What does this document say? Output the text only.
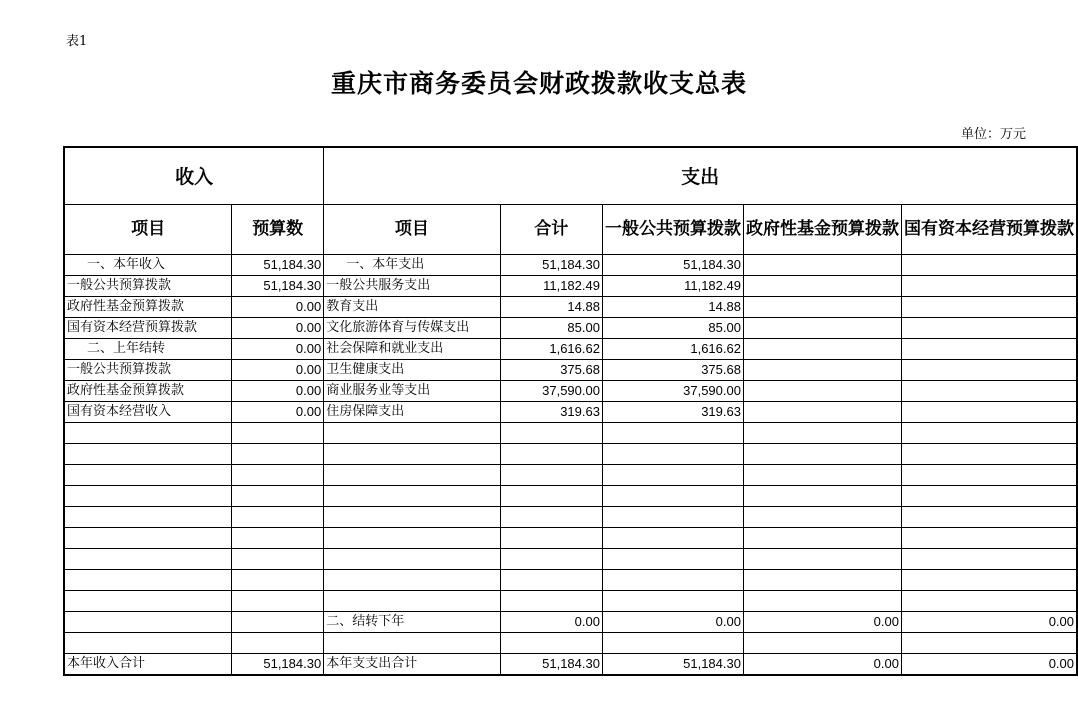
表1
重庆市商务委员会财政拨款收支总表
单位：万元
收入		支出				
项目	预算数	项目	合计	一般公共预算拨款	政府性基金预算拨款	国有资本经营预算拨款
一、本年收入	51,184.30	一、本年支出	51,184.30	51,184.30		
一般公共预算拨款	51,184.30	一般公共服务支出	11,182.49	11,182.49		
政府性基金预算拨款	0.00	教育支出	14.88	14.88		
国有资本经营预算拨款	0.00	文化旅游体育与传媒支出	85.00	85.00		
二、上年结转	0.00	社会保障和就业支出	1,616.62	1,616.62		
一般公共预算拨款	0.00	卫生健康支出	375.68	375.68		
政府性基金预算拨款	0.00	商业服务业等支出	37,590.00	37,590.00		
国有资本经营收入	0.00	住房保障支出	319.63	319.63		

		二、结转下年	0.00	0.00	0.00	0.00

本年收入合计	51,184.30	本年支支出合计	51,184.30	51,184.30	0.00	0.00
